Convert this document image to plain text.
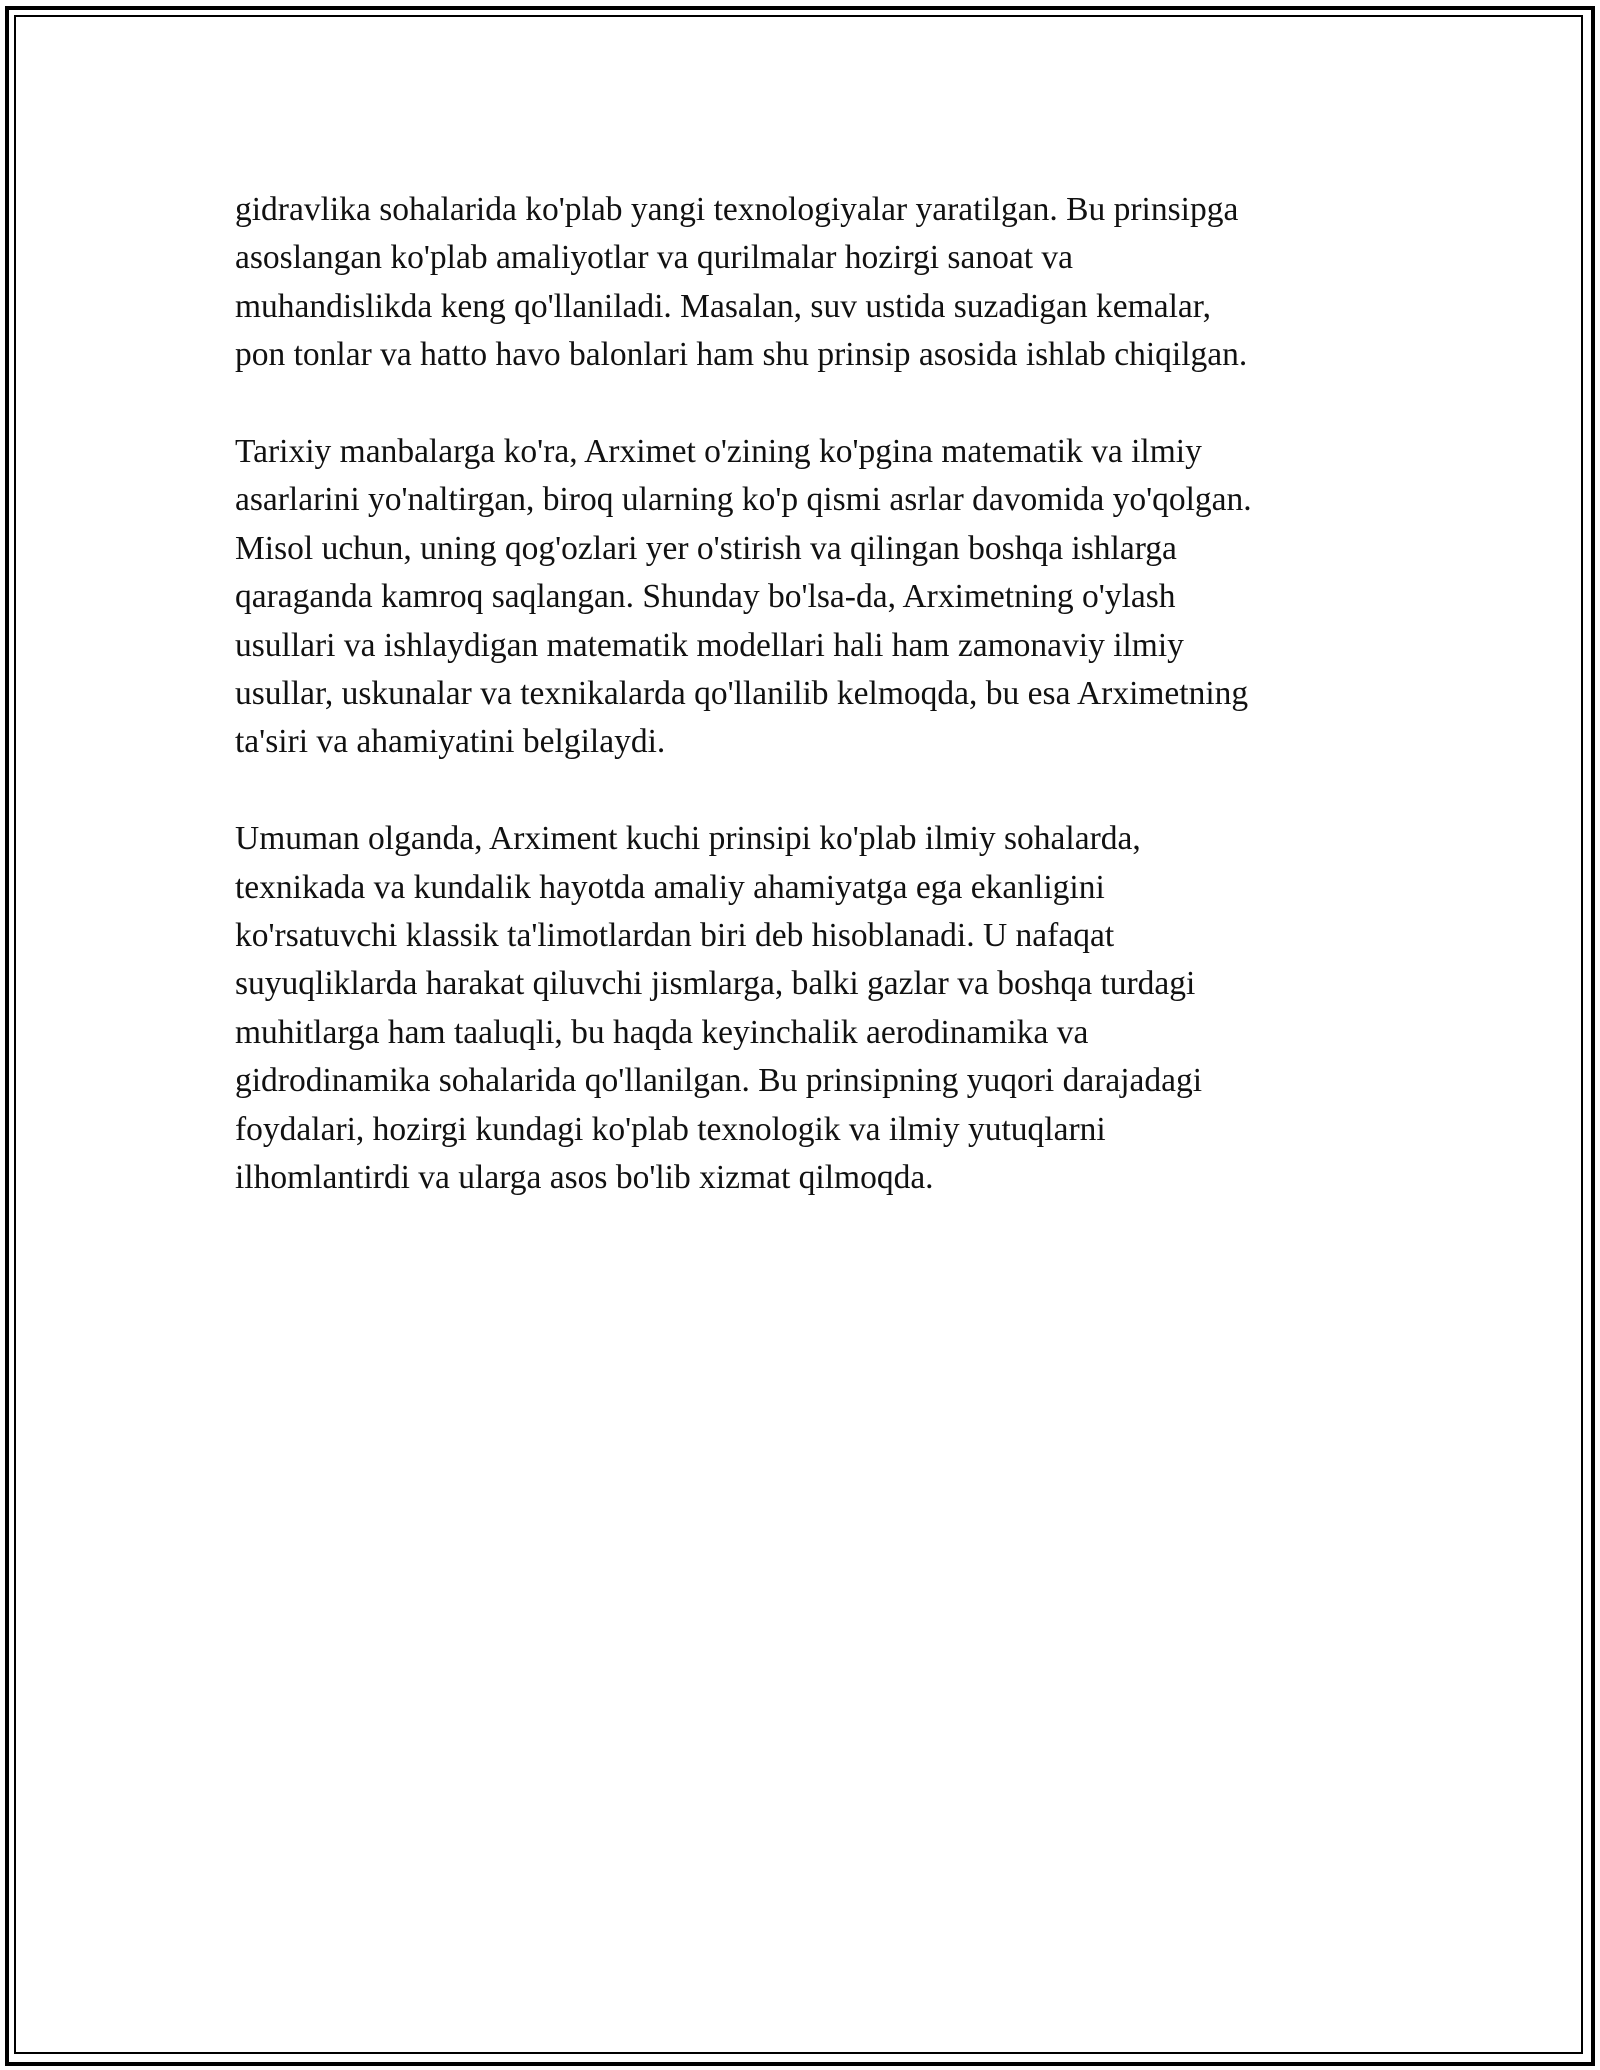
gidravlika sohalarida ko'plab yangi texnologiyalar yaratilgan. Bu prinsipga
asoslangan ko'plab amaliyotlar va qurilmalar hozirgi sanoat va
muhandislikda keng qo'llaniladi. Masalan, suv ustida suzadigan kemalar,
pon tonlar va hatto havo balonlari ham shu prinsip asosida ishlab chiqilgan.

Tarixiy manbalarga ko'ra, Arximet o'zining ko'pgina matematik va ilmiy
asarlarini yo'naltirgan, biroq ularning ko'p qismi asrlar davomida yo'qolgan.
Misol uchun, uning qog'ozlari yer o'stirish va qilingan boshqa ishlarga
qaraganda kamroq saqlangan. Shunday bo'lsa-da, Arximetning o'ylash
usullari va ishlaydigan matematik modellari hali ham zamonaviy ilmiy
usullar, uskunalar va texnikalarda qo'llanilib kelmoqda, bu esa Arximetning
ta'siri va ahamiyatini belgilaydi.

Umuman olganda, Arximent kuchi prinsipi ko'plab ilmiy sohalarda,
texnikada va kundalik hayotda amaliy ahamiyatga ega ekanligini
ko'rsatuvchi klassik ta'limotlardan biri deb hisoblanadi. U nafaqat
suyuqliklarda harakat qiluvchi jismlarga, balki gazlar va boshqa turdagi
muhitlarga ham taaluqli, bu haqda keyinchalik aerodinamika va
gidrodinamika sohalarida qo'llanilgan. Bu prinsipning yuqori darajadagi
foydalari, hozirgi kundagi ko'plab texnologik va ilmiy yutuqlarni
ilhomlantirdi va ularga asos bo'lib xizmat qilmoqda.
